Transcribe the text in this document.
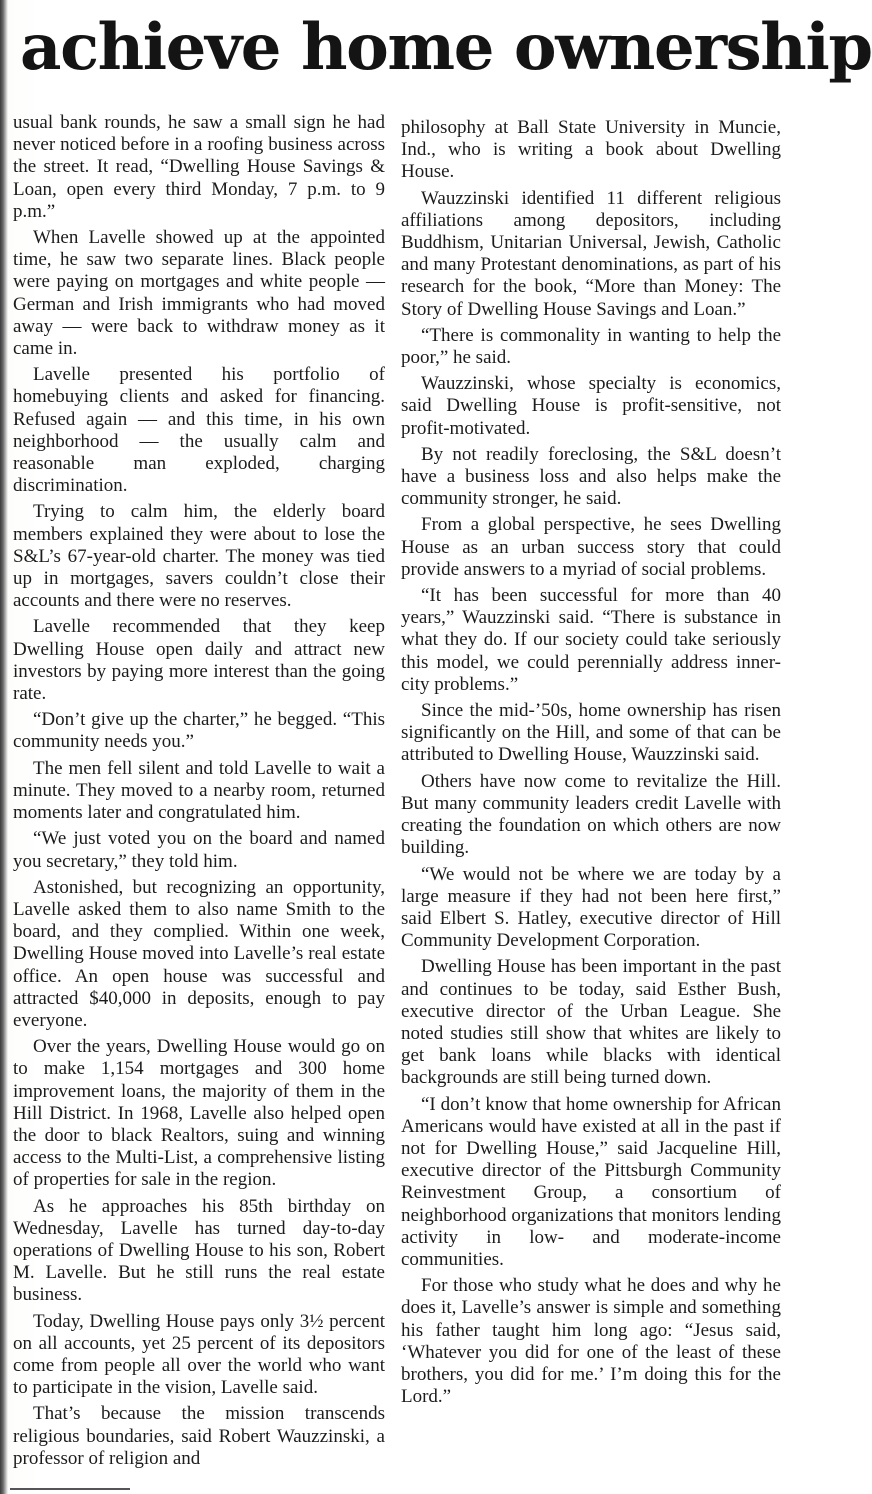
achieve home ownership

usual bank rounds, he saw a small sign he had never noticed before in a roofing business across the street. It read, “Dwelling House Savings & Loan, open every third Monday, 7 p.m. to 9 p.m.”

When Lavelle showed up at the appointed time, he saw two separate lines. Black people were paying on mortgages and white people — German and Irish immigrants who had moved away — were back to withdraw money as it came in.

Lavelle presented his portfolio of homebuying clients and asked for financing. Refused again — and this time, in his own neighborhood — the usually calm and reasonable man exploded, charging discrimination.

Trying to calm him, the elderly board members explained they were about to lose the S&L’s 67-year-old charter. The money was tied up in mortgages, savers couldn’t close their accounts and there were no reserves.

Lavelle recommended that they keep Dwelling House open daily and attract new investors by paying more interest than the going rate.

“Don’t give up the charter,” he begged. “This community needs you.”

The men fell silent and told Lavelle to wait a minute. They moved to a nearby room, returned moments later and congratulated him.

“We just voted you on the board and named you secretary,” they told him.

Astonished, but recognizing an opportunity, Lavelle asked them to also name Smith to the board, and they complied. Within one week, Dwelling House moved into Lavelle’s real estate office. An open house was successful and attracted $40,000 in deposits, enough to pay everyone.

Over the years, Dwelling House would go on to make 1,154 mortgages and 300 home improvement loans, the majority of them in the Hill District. In 1968, Lavelle also helped open the door to black Realtors, suing and winning access to the Multi-List, a comprehensive listing of properties for sale in the region.

As he approaches his 85th birthday on Wednesday, Lavelle has turned day-to-day operations of Dwelling House to his son, Robert M. Lavelle. But he still runs the real estate business.

Today, Dwelling House pays only 3½ percent on all accounts, yet 25 percent of its depositors come from people all over the world who want to participate in the vision, Lavelle said.

That’s because the mission transcends religious boundaries, said Robert Wauzzinski, a professor of religion and

philosophy at Ball State University in Muncie, Ind., who is writing a book about Dwelling House.

Wauzzinski identified 11 different religious affiliations among depositors, including Buddhism, Unitarian Universal, Jewish, Catholic and many Protestant denominations, as part of his research for the book, “More than Money: The Story of Dwelling House Savings and Loan.”

“There is commonality in wanting to help the poor,” he said.

Wauzzinski, whose specialty is economics, said Dwelling House is profit-sensitive, not profit-motivated.

By not readily foreclosing, the S&L doesn’t have a business loss and also helps make the community stronger, he said.

From a global perspective, he sees Dwelling House as an urban success story that could provide answers to a myriad of social problems.

“It has been successful for more than 40 years,” Wauzzinski said. “There is substance in what they do. If our society could take seriously this model, we could perennially address inner-city problems.”

Since the mid-’50s, home ownership has risen significantly on the Hill, and some of that can be attributed to Dwelling House, Wauzzinski said.

Others have now come to revitalize the Hill. But many community leaders credit Lavelle with creating the foundation on which others are now building.

“We would not be where we are today by a large measure if they had not been here first,” said Elbert S. Hatley, executive director of Hill Community Development Corporation.

Dwelling House has been important in the past and continues to be today, said Esther Bush, executive director of the Urban League. She noted studies still show that whites are likely to get bank loans while blacks with identical backgrounds are still being turned down.

“I don’t know that home ownership for African Americans would have existed at all in the past if not for Dwelling House,” said Jacqueline Hill, executive director of the Pittsburgh Community Reinvestment Group, a consortium of neighborhood organizations that monitors lending activity in low- and moderate-income communities.

For those who study what he does and why he does it, Lavelle’s answer is simple and something his father taught him long ago: “Jesus said, ‘Whatever you did for one of the least of these brothers, you did for me.’ I’m doing this for the Lord.”
